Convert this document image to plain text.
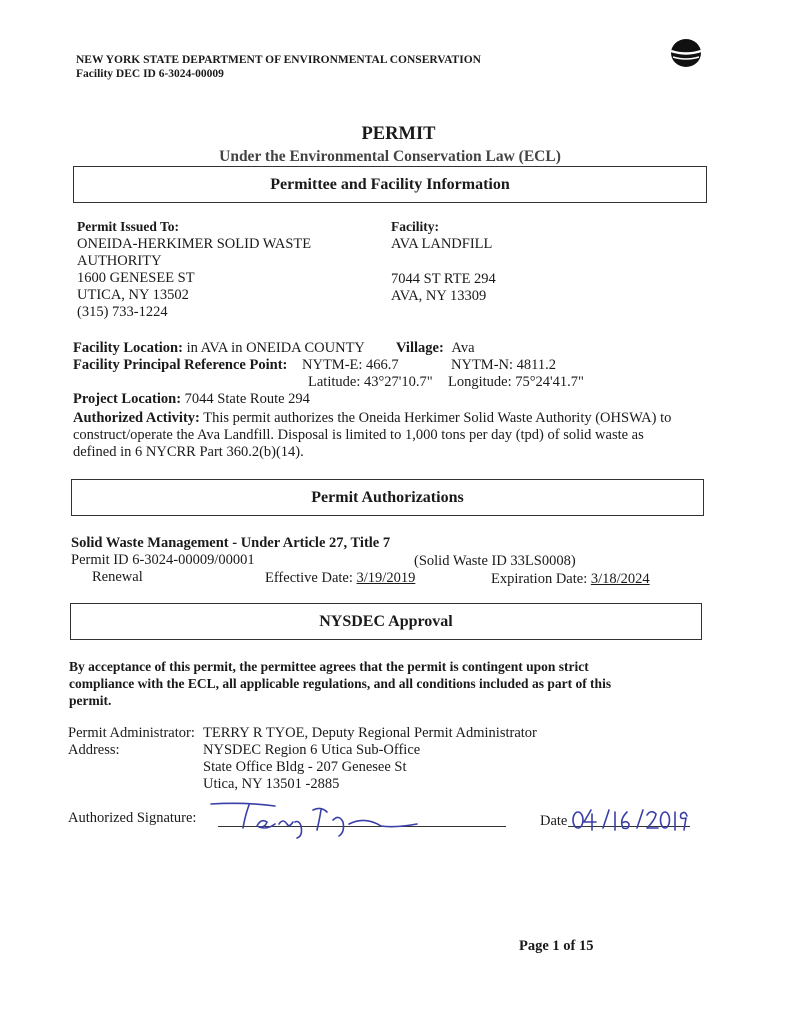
NEW YORK STATE DEPARTMENT OF ENVIRONMENTAL CONSERVATION
Facility DEC ID 6-3024-00009
PERMIT
Under the Environmental Conservation Law (ECL)
Permittee and Facility Information
Permit Issued To:
ONEIDA-HERKIMER SOLID WASTE
AUTHORITY
1600 GENESEE ST
UTICA, NY 13502
(315) 733-1224
Facility:
AVA LANDFILL
7044 ST RTE 294
AVA, NY 13309
Facility Location: in AVA in ONEIDA COUNTY Village: Ava
Facility Principal Reference Point: NYTM-E: 466.7	NYTM-N: 4811.2
Latitude: 43°27'10.7" Longitude: 75°24'41.7"
Project Location: 7044 State Route 294
Authorized Activity: This permit authorizes the Oneida Herkimer Solid Waste Authority (OHSWA) to
construct/operate the Ava Landfill. Disposal is limited to 1,000 tons per day (tpd) of solid waste as
defined in 6 NYCRR Part 360.2(b)(14).
Permit Authorizations
Solid Waste Management - Under Article 27, Title 7
Permit ID 6-3024-00009/00001	(Solid Waste ID 33LS0008)
Renewal	Effective Date: 3/19/2019	Expiration Date: 3/18/2024
NYSDEC Approval
By acceptance of this permit, the permittee agrees that the permit is contingent upon strict
compliance with the ECL, all applicable regulations, and all conditions included as part of this
permit.
Permit Administrator: TERRY R TYOE, Deputy Regional Permit Administrator
Address:	NYSDEC Region 6 Utica Sub-Office
State Office Bldg - 207 Genesee St
Utica, NY 13501 -2885
Authorized Signature:	Date
Page 1 of 15
